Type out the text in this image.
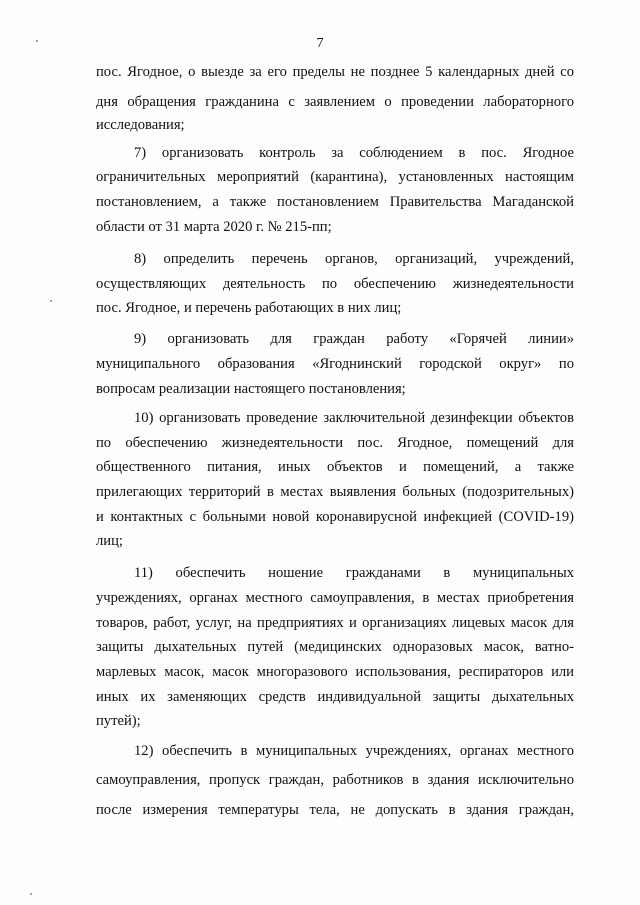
7
пос. Ягодное, о выезде за его пределы не позднее 5 календарных дней со
дня обращения гражданина с заявлением о проведении лабораторного
исследования;
7) организовать контроль за соблюдением в пос. Ягодное
ограничительных мероприятий (карантина), установленных настоящим
постановлением, а также постановлением Правительства Магаданской
области от 31 марта 2020 г. № 215-пп;
8) определить перечень органов, организаций, учреждений,
осуществляющих деятельность по обеспечению жизнедеятельности
пос. Ягодное, и перечень работающих в них лиц;
9) организовать для граждан работу «Горячей линии»
муниципального образования «Ягоднинский городской округ» по
вопросам реализации настоящего постановления;
10) организовать проведение заключительной дезинфекции объектов
по обеспечению жизнедеятельности пос. Ягодное, помещений для
общественного питания, иных объектов и помещений, а также
прилегающих территорий в местах выявления больных (подозрительных)
и контактных с больными новой коронавирусной инфекцией (COVID-19)
лиц;
11) обеспечить ношение гражданами в муниципальных
учреждениях, органах местного самоуправления, в местах приобретения
товаров, работ, услуг, на предприятиях и организациях лицевых масок для
защиты дыхательных путей (медицинских одноразовых масок, ватно-
марлевых масок, масок многоразового использования, респираторов или
иных их заменяющих средств индивидуальной защиты дыхательных
путей);
12) обеспечить в муниципальных учреждениях, органах местного
самоуправления, пропуск граждан, работников в здания исключительно
после измерения температуры тела, не допускать в здания граждан,
